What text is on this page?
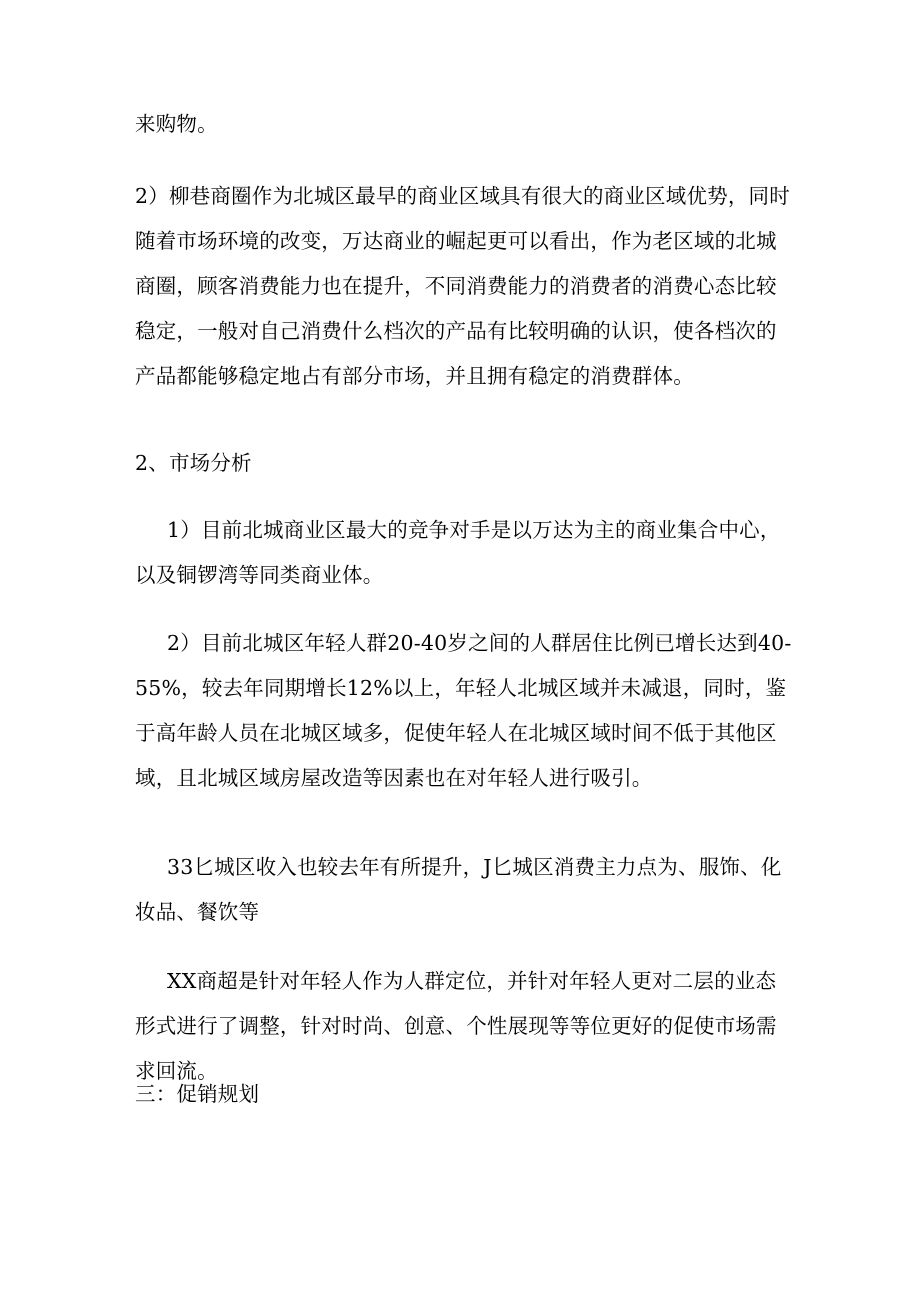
来购物。

2）柳巷商圈作为北城区最早的商业区域具有很大的商业区域优势，同时随着市场环境的改变，万达商业的崛起更可以看出，作为老区域的北城商圈，顾客消费能力也在提升，不同消费能力的消费者的消费心态比较稳定，一般对自己消费什么档次的产品有比较明确的认识，使各档次的产品都能够稳定地占有部分市场，并且拥有稳定的消费群体。

2、市场分析

1）目前北城商业区最大的竞争对手是以万达为主的商业集合中心，以及铜锣湾等同类商业体。

2）目前北城区年轻人群20-40岁之间的人群居住比例已增长达到40-55%，较去年同期增长12%以上，年轻人北城区域并未减退，同时，鉴于高年龄人员在北城区域多，促使年轻人在北城区域时间不低于其他区域，且北城区域房屋改造等因素也在对年轻人进行吸引。

33匕城区收入也较去年有所提升，J匕城区消费主力点为、服饰、化妆品、餐饮等

XX商超是针对年轻人作为人群定位，并针对年轻人更对二层的业态形式进行了调整，针对时尚、创意、个性展现等等位更好的促使市场需求回流。

三：促销规划
